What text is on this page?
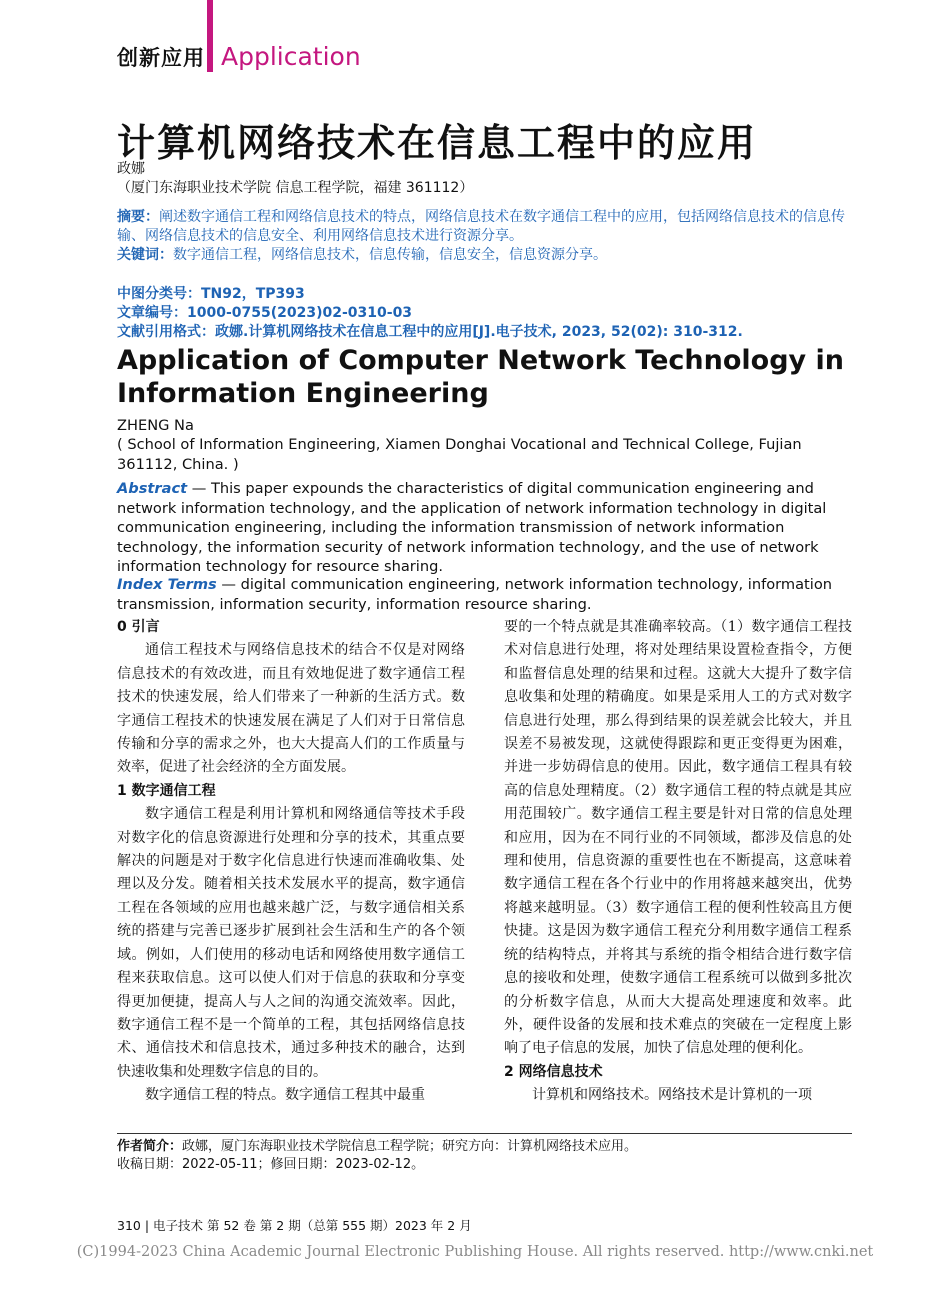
创新应用 Application
计算机网络技术在信息工程中的应用
政娜
（厦门东海职业技术学院 信息工程学院，福建 361112）
摘要：阐述数字通信工程和网络信息技术的特点，网络信息技术在数字通信工程中的应用，包括网络信息技术的信息传输、网络信息技术的信息安全、利用网络信息技术进行资源分享。
关键词：数字通信工程，网络信息技术，信息传输，信息安全，信息资源分享。
中图分类号：TN92，TP393
文章编号：1000-0755(2023)02-0310-03
文献引用格式：政娜.计算机网络技术在信息工程中的应用[J].电子技术, 2023, 52(02): 310-312.
Application of Computer Network Technology in Information Engineering
ZHENG Na
( School of Information Engineering, Xiamen Donghai Vocational and Technical College, Fujian 361112, China. )
Abstract — This paper expounds the characteristics of digital communication engineering and network information technology, and the application of network information technology in digital communication engineering, including the information transmission of network information technology, the information security of network information technology, and the use of network information technology for resource sharing.
Index Terms — digital communication engineering, network information technology, information transmission, information security, information resource sharing.
0 引言

通信工程技术与网络信息技术的结合不仅是对网络信息技术的有效改进，而且有效地促进了数字通信工程技术的快速发展，给人们带来了一种新的生活方式。数字通信工程技术的快速发展在满足了人们对于日常信息传输和分享的需求之外，也大大提高人们的工作质量与效率，促进了社会经济的全方面发展。

1 数字通信工程

数字通信工程是利用计算机和网络通信等技术手段对数字化的信息资源进行处理和分享的技术，其重点要解决的问题是对于数字化信息进行快速而准确收集、处理以及分发。随着相关技术发展水平的提高，数字通信工程在各领域的应用也越来越广泛，与数字通信相关系统的搭建与完善已逐步扩展到社会生活和生产的各个领域。例如，人们使用的移动电话和网络使用数字通信工程来获取信息。这可以使人们对于信息的获取和分享变得更加便捷，提高人与人之间的沟通交流效率。因此，数字通信工程不是一个简单的工程，其包括网络信息技术、通信技术和信息技术，通过多种技术的融合，达到快速收集和处理数字信息的目的。

数字通信工程的特点。数字通信工程其中最重

要的一个特点就是其准确率较高。（1）数字通信工程技术对信息进行处理，将对处理结果设置检查指令，方便和监督信息处理的结果和过程。这就大大提升了数字信息收集和处理的精确度。如果是采用人工的方式对数字信息进行处理，那么得到结果的误差就会比较大，并且误差不易被发现，这就使得跟踪和更正变得更为困难，并进一步妨碍信息的使用。因此，数字通信工程具有较高的信息处理精度。（2）数字通信工程的特点就是其应用范围较广。数字通信工程主要是针对日常的信息处理和应用，因为在不同行业的不同领域，都涉及信息的处理和使用，信息资源的重要性也在不断提高，这意味着数字通信工程在各个行业中的作用将越来越突出，优势将越来越明显。（3）数字通信工程的便利性较高且方便快捷。这是因为数字通信工程充分利用数字通信工程系统的结构特点，并将其与系统的指令相结合进行数字信息的接收和处理，使数字通信工程系统可以做到多批次的分析数字信息，从而大大提高处理速度和效率。此外，硬件设备的发展和技术难点的突破在一定程度上影响了电子信息的发展，加快了信息处理的便利化。

2 网络信息技术

计算机和网络技术。网络技术是计算机的一项

作者简介：政娜，厦门东海职业技术学院信息工程学院；研究方向：计算机网络技术应用。
收稿日期：2022-05-11；修回日期：2023-02-12。
310 | 电子技术 第 52 卷 第 2 期（总第 555 期）2023 年 2 月
(C)1994-2023 China Academic Journal Electronic Publishing House. All rights reserved. http://www.cnki.net
